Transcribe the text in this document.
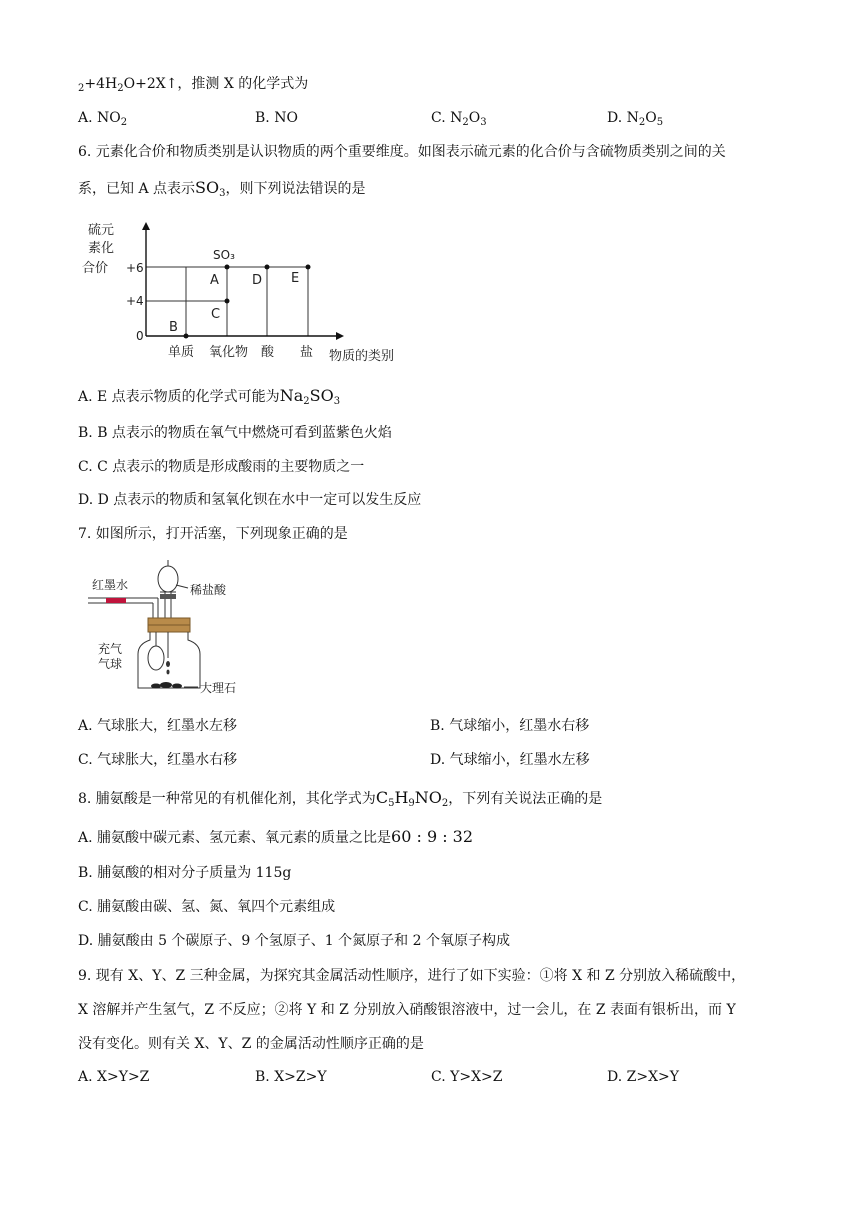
$_2+4H_2O+2X↑$，推测 X 的化学式为
A. $NO_2$	B. NO	C. $N_2O_3$	D. $N_2O_5$
6. 元素化合价和物质类别是认识物质的两个重要维度。如图表示硫元素的化合价与含硫物质类别之间的关
系，已知 A 点表示$SO_3$，则下列说法错误的是
硫元
素化
合价 +6
+4
0
SO₃
A
B
C
D E
单质 氧化物 酸 盐 物质的类别
A. E 点表示物质的化学式可能为$Na_2SO_3$
B. B 点表示的物质在氧气中燃烧可看到蓝紫色火焰
C. C 点表示的物质是形成酸雨的主要物质之一
D. D 点表示的物质和氢氧化钡在水中一定可以发生反应
7. 如图所示，打开活塞，下列现象正确的是
红墨水	稀盐酸
充气
气球
大理石
A. 气球胀大，红墨水左移	B. 气球缩小，红墨水右移
C. 气球胀大，红墨水右移	D. 气球缩小，红墨水左移
8. 脯氨酸是一种常见的有机催化剂，其化学式为$C_5H_9NO_2$，下列有关说法正确的是
A. 脯氨酸中碳元素、氢元素、氧元素的质量之比是60 : 9 : 32
B. 脯氨酸的相对分子质量为 115g
C. 脯氨酸由碳、氢、氮、氧四个元素组成
D. 脯氨酸由 5 个碳原子、9 个氢原子、1 个氮原子和 2 个氧原子构成
9. 现有 X、Y、Z 三种金属，为探究其金属活动性顺序，进行了如下实验：①将 X 和 Z 分别放入稀硫酸中，
X 溶解并产生氢气，Z 不反应；②将 Y 和 Z 分别放入硝酸银溶液中，过一会儿，在 Z 表面有银析出，而 Y
没有变化。则有关 X、Y、Z 的金属活动性顺序正确的是
A. X>Y>Z	B. X>Z>Y	C. Y>X>Z	D. Z>X>Y
